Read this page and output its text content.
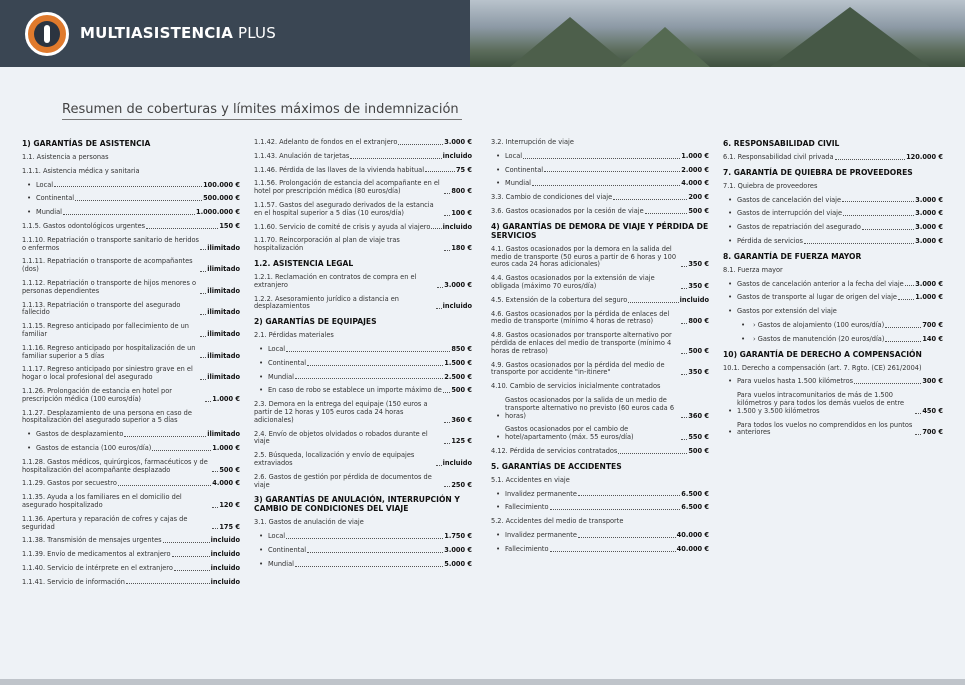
MULTIASISTENCIA PLUS
Resumen de coberturas y límites máximos de indemnización
1) GARANTÍAS DE ASISTENCIA
1.1. Asistencia a personas
1.1.1. Asistencia médica y sanitaria
• Local	100.000 €
• Continental	500.000 €
• Mundial	1.000.000 €
1.1.5. Gastos odontológicos urgentes	150 €
1.1.10. Repatriación o transporte sanitario de heridos o enfermos	ilimitado
1.1.11. Repatriación o transporte de acompañantes (dos)	ilimitado
1.1.12. Repatriación o transporte de hijos menores o personas dependientes	ilimitado
1.1.13. Repatriación o transporte del asegurado fallecido	ilimitado
1.1.15. Regreso anticipado por fallecimiento de un familiar	ilimitado
1.1.16. Regreso anticipado por hospitalización de un familiar superior a 5 días	ilimitado
1.1.17. Regreso anticipado por siniestro grave en el hogar o local profesional del asegurado	ilimitado
1.1.26. Prolongación de estancia en hotel por prescripción médica (100 euros/día)	1.000 €
1.1.27. Desplazamiento de una persona en caso de hospitalización del asegurado superior a 5 días
• Gastos de desplazamiento	ilimitado
• Gastos de estancia (100 euros/día)	1.000 €
1.1.28. Gastos médicos, quirúrgicos, farmacéuticos y de hospitalización del acompañante desplazado	500 €
1.1.29. Gastos por secuestro	4.000 €
1.1.35. Ayuda a los familiares en el domicilio del asegurado hospitalizado	120 €
1.1.36. Apertura y reparación de cofres y cajas de seguridad	175 €
1.1.38. Transmisión de mensajes urgentes	incluido
1.1.39. Envío de medicamentos al extranjero	incluido
1.1.40. Servicio de intérprete en el extranjero	incluido
1.1.41. Servicio de información	incluido
1.1.42. Adelanto de fondos en el extranjero	3.000 €
1.1.43. Anulación de tarjetas	incluido
1.1.46. Pérdida de las llaves de la vivienda habitual	75 €
1.1.56. Prolongación de estancia del acompañante en el hotel por prescripción médica (80 euros/día)	800 €
1.1.57. Gastos del asegurado derivados de la estancia en el hospital superior a 5 días (10 euros/día)	100 €
1.1.60. Servicio de comité de crisis y ayuda al viajero incluido
1.1.70. Reincorporación al plan de viaje tras hospitalización	180 €
1.2. ASISTENCIA LEGAL
1.2.1. Reclamación en contratos de compra en el extranjero	3.000 €
1.2.2. Asesoramiento jurídico a distancia en desplazamientos	incluido
2) GARANTÍAS DE EQUIPAJES
2.1. Pérdidas materiales
• Local	850 €
• Continental	1.500 €
• Mundial	2.500 €
• En caso de robo se establece un importe máximo de 500 €
2.3. Demora en la entrega del equipaje (150 euros a partir de 12 horas y 105 euros cada 24 horas adicionales)	360 €
2.4. Envío de objetos olvidados o robados durante el viaje	125 €
2.5. Búsqueda, localización y envío de equipajes extraviados	incluido
2.6. Gastos de gestión por pérdida de documentos de viaje	250 €
3) GARANTÍAS DE ANULACIÓN, INTERRUPCIÓN Y CAMBIO DE CONDICIONES DEL VIAJE
3.1. Gastos de anulación de viaje
• Local	1.750 €
• Continental	3.000 €
• Mundial	5.000 €
3.2. Interrupción de viaje
• Local	1.000 €
• Continental	2.000 €
• Mundial	4.000 €
3.3. Cambio de condiciones del viaje	200 €
3.6. Gastos ocasionados por la cesión de viaje	500 €
4) GARANTÍAS DE DEMORA DE VIAJE Y PÉRDIDA DE SERVICIOS
4.1. Gastos ocasionados por la demora en la salida del medio de transporte (50 euros a partir de 6 horas y 100 euros cada 24 horas adicionales)	350 €
4.4. Gastos ocasionados por la extensión de viaje obligada (máximo 70 euros/día)	350 €
4.5. Extensión de la cobertura del seguro	incluido
4.6. Gastos ocasionados por la pérdida de enlaces del medio de transporte (mínimo 4 horas de retraso)	800 €
4.8. Gastos ocasionados por transporte alternativo por pérdida de enlaces del medio de transporte (mínimo 4 horas de retraso)	500 €
4.9. Gastos ocasionados por la pérdida del medio de transporte por accidente "in-itinere"	350 €
4.10. Cambio de servicios inicialmente contratados
• Gastos ocasionados por la salida de un medio de transporte alternativo no previsto (60 euros cada 6 horas)	360 €
• Gastos ocasionados por el cambio de hotel/apartamento (máx. 55 euros/día)	550 €
4.12. Pérdida de servicios contratados	500 €
5. GARANTÍAS DE ACCIDENTES
5.1. Accidentes en viaje
• Invalidez permanente	6.500 €
• Fallecimiento	6.500 €
5.2. Accidentes del medio de transporte
• Invalidez permanente	40.000 €
• Fallecimiento	40.000 €
6. RESPONSABILIDAD CIVIL
6.1. Responsabilidad civil privada	120.000 €
7. GARANTÍA DE QUIEBRA DE PROVEEDORES
7.1. Quiebra de proveedores
• Gastos de cancelación del viaje	3.000 €
• Gastos de interrupción del viaje	3.000 €
• Gastos de repatriación del asegurado	3.000 €
• Pérdida de servicios	3.000 €
8. GARANTÍA DE FUERZA MAYOR
8.1. Fuerza mayor
• Gastos de cancelación anterior a la fecha del viaje 3.000 €
• Gastos de transporte al lugar de origen del viaje	1.000 €
• Gastos por extensión del viaje
• › Gastos de alojamiento (100 euros/día)	700 €
• › Gastos de manutención (20 euros/día)	140 €
10) GARANTÍA DE DERECHO A COMPENSACIÓN
10.1. Derecho a compensación (art. 7. Rgto. (CE) 261/2004)
• Para vuelos hasta 1.500 kilómetros	300 €
• Para vuelos intracomunitarios de más de 1.500 kilómetros y para todos los demás vuelos de entre 1.500 y 3.500 kilómetros	450 €
• Para todos los vuelos no comprendidos en los puntos anteriores	700 €
